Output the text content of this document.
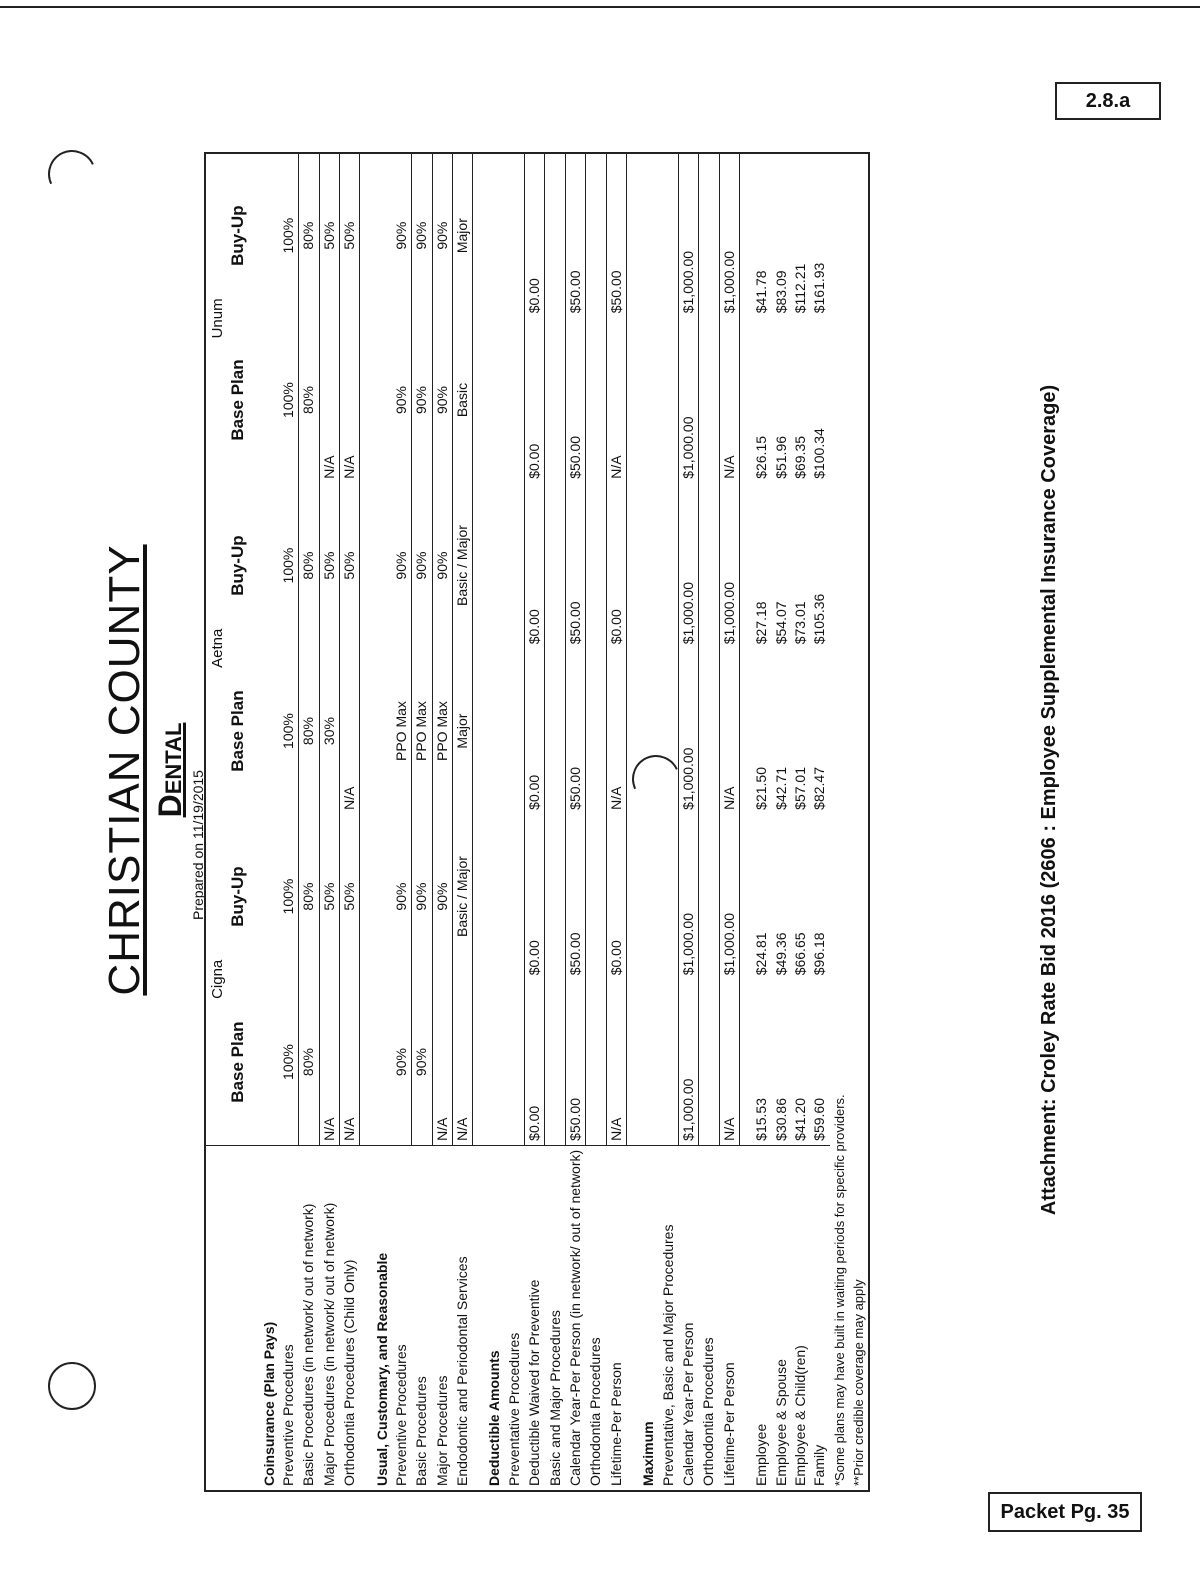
2.8.a
Packet Pg. 35
CHRISTIAN COUNTY Dental
Prepared on 11/19/2015
	Cigna		Aetna		Unum	
	Base Plan	Buy-Up	Base Plan	Buy-Up	Base Plan	Buy-Up

Coinsurance (Plan Pays)						
Preventive Procedures	100%	100%	100%	100%	100%	100%
Basic Procedures (in network/ out of network)	80%	80%	80%	80%	80%	80%
Major Procedures (in network/ out of network)	N/A	50%	30%	50%	N/A	50%
Orthodontia Procedures (Child Only)	N/A	50%	N/A	50%	N/A	50%

Usual, Customary, and Reasonable						
Preventive Procedures	90%	90%	PPO Max	90%	90%	90%
Basic Procedures	90%	90%	PPO Max	90%	90%	90%
Major Procedures	N/A	90%	PPO Max	90%	90%	90%
Endodontic and Periodontal Services	N/A	Basic / Major	Major	Basic / Major	Basic	Major

Deductible Amounts						
Preventative Procedures						
Deductible Waived for Preventive	$0.00	$0.00	$0.00	$0.00	$0.00	$0.00
Basic and Major Procedures						
Calendar Year-Per Person (in network/ out of network)	$50.00	$50.00	$50.00	$50.00	$50.00	$50.00
Orthodontia Procedures						
Lifetime-Per Person	N/A	$0.00	N/A	$0.00	N/A	$50.00

Maximum						
Preventative, Basic and Major Procedures						
Calendar Year-Per Person	$1,000.00	$1,000.00	$1,000.00	$1,000.00	$1,000.00	$1,000.00
Orthodontia Procedures						
Lifetime-Per Person	N/A	$1,000.00	N/A	$1,000.00	N/A	$1,000.00

Employee	$15.53	$24.81	$21.50	$27.18	$26.15	$41.78
Employee & Spouse	$30.86	$49.36	$42.71	$54.07	$51.96	$83.09
Employee & Child(ren)	$41.20	$66.65	$57.01	$73.01	$69.35	$112.21
Family	$59.60	$96.18	$82.47	$105.36	$100.34	$161.93
*Some plans may have built in waiting periods for specific providers.						
**Prior credible coverage may apply						
Attachment: Croley Rate Bid 2016 (2606 : Employee Supplemental Insurance Coverage)
